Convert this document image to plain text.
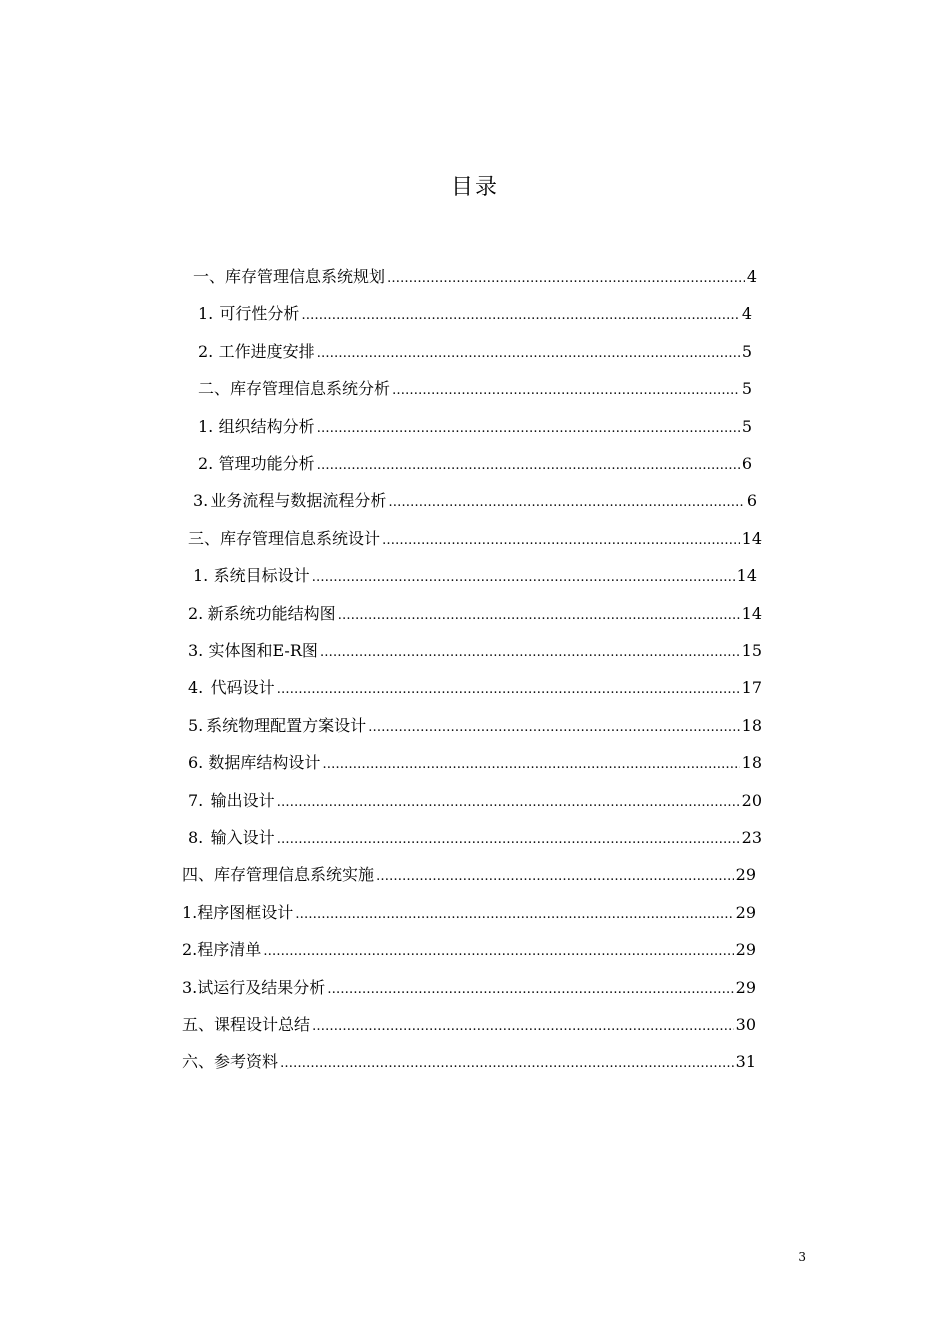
目录
一、库存管理信息系统规划 ………………………………………………………………………………………………………………………………………………………………	4
1. 可行性分析 ………………………………………………………………………………………………………………………………………………………………	4
2. 工作进度安排 ………………………………………………………………………………………………………………………………………………………………	5
二、库存管理信息系统分析 ………………………………………………………………………………………………………………………………………………………………	5
1. 组织结构分析 ………………………………………………………………………………………………………………………………………………………………	5
2. 管理功能分析 ………………………………………………………………………………………………………………………………………………………………	6
3. 业务流程与数据流程分析 ………………………………………………………………………………………………………………………………………………………………	6
三、库存管理信息系统设计 ………………………………………………………………………………………………………………………………………………………………	14
1. 系统目标设计 ………………………………………………………………………………………………………………………………………………………………	14
2. 新系统功能结构图 ………………………………………………………………………………………………………………………………………………………………	14
3. 实体图和E-R图 ………………………………………………………………………………………………………………………………………………………………	15
4. 代码设计 ………………………………………………………………………………………………………………………………………………………………	17
5. 系统物理配置方案设计 ………………………………………………………………………………………………………………………………………………………………	18
6. 数据库结构设计 ………………………………………………………………………………………………………………………………………………………………	18
7. 输出设计 ………………………………………………………………………………………………………………………………………………………………	20
8. 输入设计 ………………………………………………………………………………………………………………………………………………………………	23
四、库存管理信息系统实施 ………………………………………………………………………………………………………………………………………………………………	29
1.程序图框设计 ………………………………………………………………………………………………………………………………………………………………	29
2.程序清单 ………………………………………………………………………………………………………………………………………………………………	29
3.试运行及结果分析 ………………………………………………………………………………………………………………………………………………………………	29
五、课程设计总结 ………………………………………………………………………………………………………………………………………………………………	30
六、参考资料 ………………………………………………………………………………………………………………………………………………………………	31
3
